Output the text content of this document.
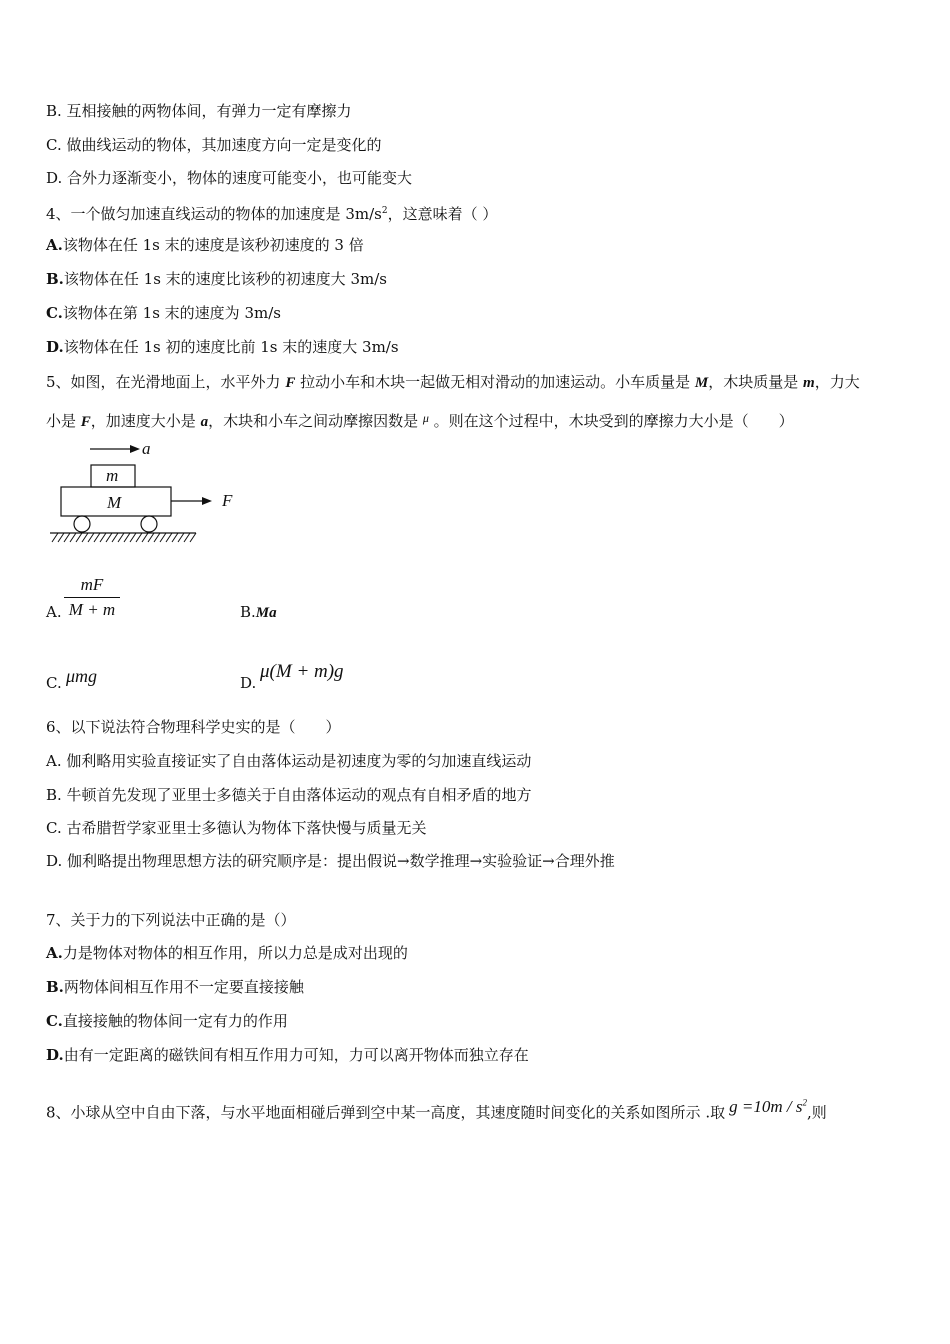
B. 互相接触的两物体间，有弹力一定有摩擦力
C. 做曲线运动的物体，其加速度方向一定是变化的
D. 合外力逐渐变小，物体的速度可能变小，也可能变大
4、一个做匀加速直线运动的物体的加速度是 $3m/s^2$，这意味着（ ）
A.该物体在任 1s 末的速度是该秒初速度的 3 倍
B.该物体在任 1s 末的速度比该秒的初速度大 3m/s
C.该物体在第 1s 末的速度为 3m/s
D.该物体在任 1s 初的速度比前 1s 末的速度大 3m/s
5、如图，在光滑地面上，水平外力 F 拉动小车和木块一起做无相对滑动的加速运动。小车质量是 M，木块质量是 m，力大
小是 F，加速度大小是 a，木块和小车之间动摩擦因数是 $^\mu$ 。则在这个过程中，木块受到的摩擦力大小是（　　）
a
m
M	F
A.
mF
M + m	B.Ma
C. μmg	D.
μ(M + m)g
6、以下说法符合物理科学史实的是（　　）
A. 伽利略用实验直接证实了自由落体运动是初速度为零的匀加速直线运动
B. 牛顿首先发现了亚里士多德关于自由落体运动的观点有自相矛盾的地方
C. 古希腊哲学家亚里士多德认为物体下落快慢与质量无关
D. 伽利略提出物理思想方法的研究顺序是：提出假说→数学推理→实验验证→合理外推
7、关于力的下列说法中正确的是（）
A.力是物体对物体的相互作用，所以力总是成对出现的
B.两物体间相互作用不一定要直接接触
C.直接接触的物体间一定有力的作用
D.由有一定距离的磁铁间有相互作用力可知，力可以离开物体而独立存在
8、小球从空中自由下落，与水平地面相碰后弹到空中某一高度，其速度随时间变化的关系如图所示 .取 $g =10m / s^2$,则
